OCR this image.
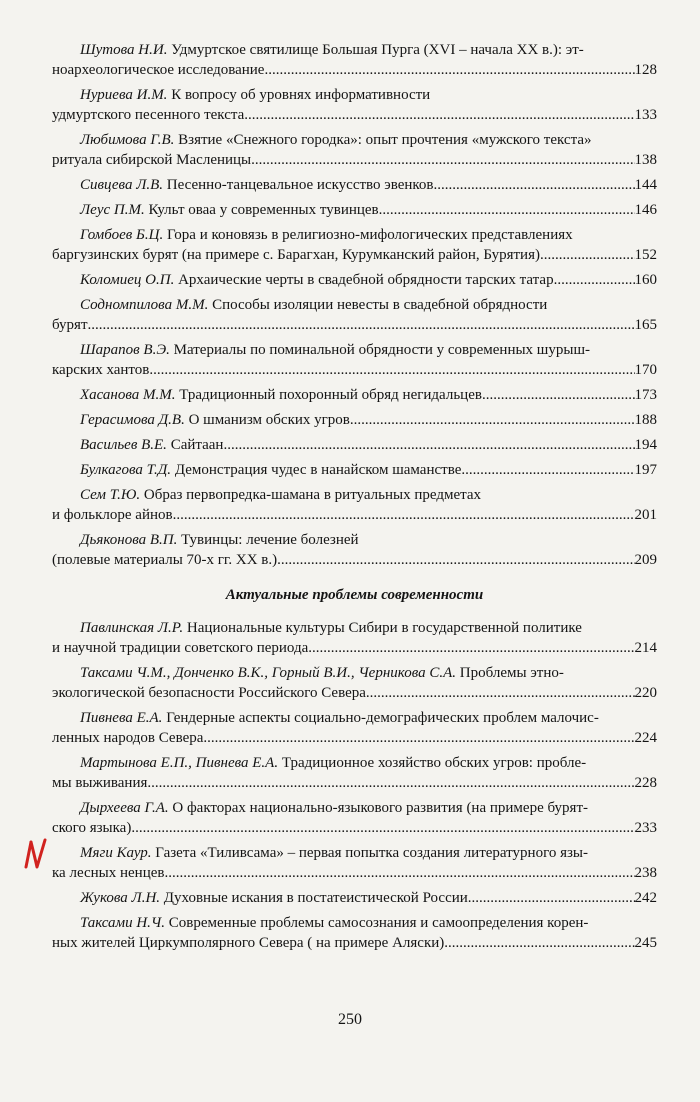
Шутова Н.И. Удмуртское святилище Большая Пурга (XVI – начала XX в.): эт-
ноархеологическое исследование .....	128
Нуриева И.М. К вопросу об уровнях информативности
удмуртского песенного текста .....	133
Любимова Г.В. Взятие «Снежного городка»: опыт прочтения «мужского текста»
ритуала сибирской Масленицы .....	138
Сивцева Л.В. Песенно-танцевальное искусство эвенков .....	144
Леус П.М. Культ оваа у современных тувинцев .....	146
Гомбоев Б.Ц. Гора и коновязь в религиозно-мифологических представлениях
баргузинских бурят (на примере с. Барагхан, Курумканский район, Бурятия) .....	152
Коломиец О.П. Архаические черты в свадебной обрядности тарских татар .....	160
Содномпилова М.М. Способы изоляции невесты в свадебной обрядности
бурят .....	165
Шарапов В.Э. Материалы по поминальной обрядности у современных шурыш-
карских хантов .....	170
Хасанова М.М. Традиционный похоронный обряд негидальцев .....	173
Герасимова Д.В. О шманизм обских угров .....	188
Васильев В.Е. Сайтаан .....	194
Булкагова Т.Д. Демонстрация чудес в нанайском шаманстве .....	197
Сем Т.Ю. Образ первопредка-шамана в ритуальных предметах
и фольклоре айнов .....	201
Дьяконова В.П. Тувинцы: лечение болезней
(полевые материалы 70-х гг. XX в.) .....	209
Актуальные проблемы современности
Павлинская Л.Р. Национальные культуры Сибири в государственной политике
и научной традиции советского периода .....	214
Таксами Ч.М., Донченко В.К., Горный В.И., Черникова С.А. Проблемы этно-
экологической безопасности Российского Севера .....	220
Пивнева Е.А. Гендерные аспекты социально-демографических проблем малочис-
ленных народов Севера .....	224
Мартынова Е.П., Пивнева Е.А. Традиционное хозяйство обских угров: пробле-
мы выживания .....	228
Дырхеева Г.А. О факторах национально-языкового развития (на примере бурят-
ского языка) .....	233
Мяги Каур. Газета «Тиливсама» – первая попытка создания литературного язы-
ка лесных ненцев .....	238
Жукова Л.Н. Духовные искания в постатеистической России .....	242
Таксами Н.Ч. Современные проблемы самосознания и самоопределения корен-
ных жителей Циркумполярного Севера ( на примере Аляски) .....	245
250
